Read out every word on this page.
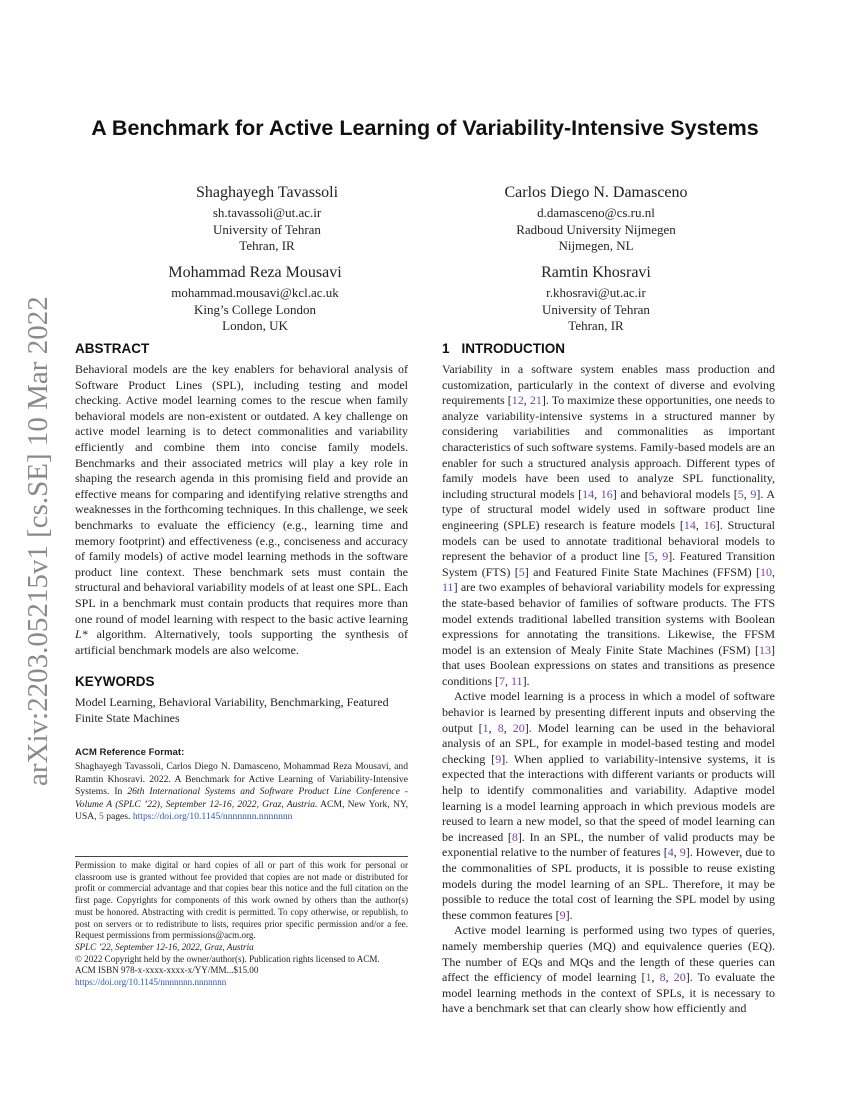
arXiv:2203.05215v1 [cs.SE] 10 Mar 2022
A Benchmark for Active Learning of Variability-Intensive Systems
Shaghayegh Tavassoli
sh.tavassoli@ut.ac.ir
University of Tehran
Tehran, IR
Carlos Diego N. Damasceno
d.damasceno@cs.ru.nl
Radboud University Nijmegen
Nijmegen, NL
Mohammad Reza Mousavi
mohammad.mousavi@kcl.ac.uk
King’s College London
London, UK
Ramtin Khosravi
r.khosravi@ut.ac.ir
University of Tehran
Tehran, IR
ABSTRACT

Behavioral models are the key enablers for behavioral analysis of Software Product Lines (SPL), including testing and model checking. Active model learning comes to the rescue when family behavioral models are non-existent or outdated. A key challenge on active model learning is to detect commonalities and variability efficiently and combine them into concise family models. Benchmarks and their associated metrics will play a key role in shaping the research agenda in this promising field and provide an effective means for comparing and identifying relative strengths and weaknesses in the forthcoming techniques. In this challenge, we seek benchmarks to evaluate the efficiency (e.g., learning time and memory footprint) and effectiveness (e.g., conciseness and accuracy of family models) of active model learning methods in the software product line context. These benchmark sets must contain the structural and behavioral variability models of at least one SPL. Each SPL in a benchmark must contain products that requires more than one round of model learning with respect to the basic active learning L* algorithm. Alternatively, tools supporting the synthesis of artificial benchmark models are also welcome.

KEYWORDS

Model Learning, Behavioral Variability, Benchmarking, Featured Finite State Machines

ACM Reference Format:

Shaghayegh Tavassoli, Carlos Diego N. Damasceno, Mohammad Reza Mousavi, and Ramtin Khosravi. 2022. A Benchmark for Active Learning of Variability-Intensive Systems. In 26th International Systems and Software Product Line Conference - Volume A (SPLC ’22), September 12-16, 2022, Graz, Austria. ACM, New York, NY, USA, 5 pages. https://doi.org/10.1145/nnnnnnn.nnnnnnn

Permission to make digital or hard copies of all or part of this work for personal or classroom use is granted without fee provided that copies are not made or distributed for profit or commercial advantage and that copies bear this notice and the full citation on the first page. Copyrights for components of this work owned by others than the author(s) must be honored. Abstracting with credit is permitted. To copy otherwise, or republish, to post on servers or to redistribute to lists, requires prior specific permission and/or a fee. Request permissions from permissions@acm.org.

SPLC ’22, September 12-16, 2022, Graz, Austria

© 2022 Copyright held by the owner/author(s). Publication rights licensed to ACM.

ACM ISBN 978-x-xxxx-xxxx-x/YY/MM...$15.00

https://doi.org/10.1145/nnnnnnn.nnnnnnn

1 INTRODUCTION

Variability in a software system enables mass production and customization, particularly in the context of diverse and evolving requirements [12, 21]. To maximize these opportunities, one needs to analyze variability-intensive systems in a structured manner by considering variabilities and commonalities as important characteristics of such software systems. Family-based models are an enabler for such a structured analysis approach. Different types of family models have been used to analyze SPL functionality, including structural models [14, 16] and behavioral models [5, 9]. A type of structural model widely used in software product line engineering (SPLE) research is feature models [14, 16]. Structural models can be used to annotate traditional behavioral models to represent the behavior of a product line [5, 9]. Featured Transition System (FTS) [5] and Featured Finite State Machines (FFSM) [10, 11] are two examples of behavioral variability models for expressing the state-based behavior of families of software products. The FTS model extends traditional labelled transition systems with Boolean expressions for annotating the transitions. Likewise, the FFSM model is an extension of Mealy Finite State Machines (FSM) [13] that uses Boolean expressions on states and transitions as presence conditions [7, 11].

Active model learning is a process in which a model of software behavior is learned by presenting different inputs and observing the output [1, 8, 20]. Model learning can be used in the behavioral analysis of an SPL, for example in model-based testing and model checking [9]. When applied to variability-intensive systems, it is expected that the interactions with different variants or products will help to identify commonalities and variability. Adaptive model learning is a model learning approach in which previous models are reused to learn a new model, so that the speed of model learning can be increased [8]. In an SPL, the number of valid products may be exponential relative to the number of features [4, 9]. However, due to the commonalities of SPL products, it is possible to reuse existing models during the model learning of an SPL. Therefore, it may be possible to reduce the total cost of learning the SPL model by using these common features [9].

Active model learning is performed using two types of queries, namely membership queries (MQ) and equivalence queries (EQ). The number of EQs and MQs and the length of these queries can affect the efficiency of model learning [1, 8, 20]. To evaluate the model learning methods in the context of SPLs, it is necessary to have a benchmark set that can clearly show how efficiently and
